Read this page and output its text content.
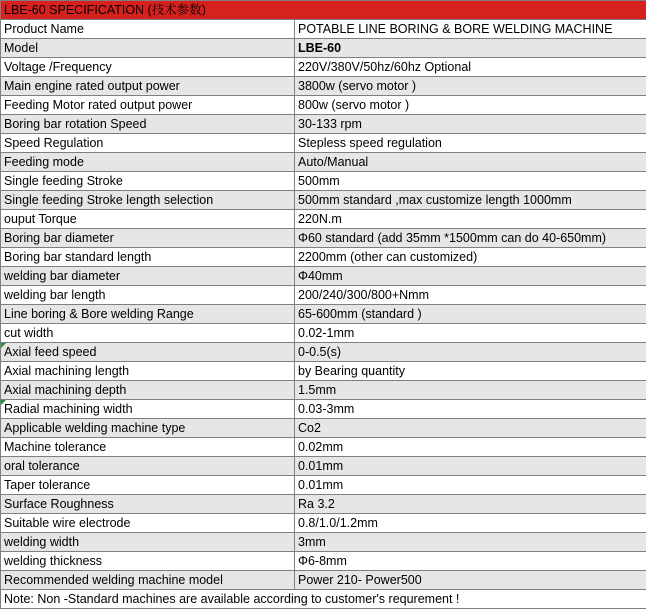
LBE-60 SPECIFICATION (技术参数)	
Product Name	POTABLE LINE BORING & BORE WELDING MACHINE
Model	LBE-60
Voltage /Frequency	220V/380V/50hz/60hz Optional
Main engine rated output power	3800w (servo motor )
Feeding Motor rated output power	800w (servo motor )
Boring bar rotation Speed	30-133 rpm
Speed Regulation	Stepless speed regulation
Feeding mode	Auto/Manual
Single feeding Stroke	500mm
Single feeding Stroke length selection	500mm standard ,max customize length 1000mm
ouput Torque	220N.m
Boring bar diameter	Φ60 standard (add 35mm *1500mm can do 40-650mm)
Boring bar standard length	2200mm (other can customized)
welding bar diameter	Φ40mm
welding bar length	200/240/300/800+Nmm
Line boring & Bore welding Range	65-600mm (standard )
cut width	0.02-1mm
Axial feed speed	0-0.5(s)
Axial machining length	by Bearing quantity
Axial machining depth	1.5mm
Radial machining width	0.03-3mm
Applicable welding machine type	Co2
Machine tolerance	0.02mm
oral tolerance	0.01mm
Taper tolerance	0.01mm
Surface Roughness	Ra 3.2
Suitable wire electrode	0.8/1.0/1.2mm
welding width	3mm
welding thickness	Φ6-8mm
Recommended welding machine model	Power 210- Power500
Note: Non -Standard machines are available according to customer's requrement !	
